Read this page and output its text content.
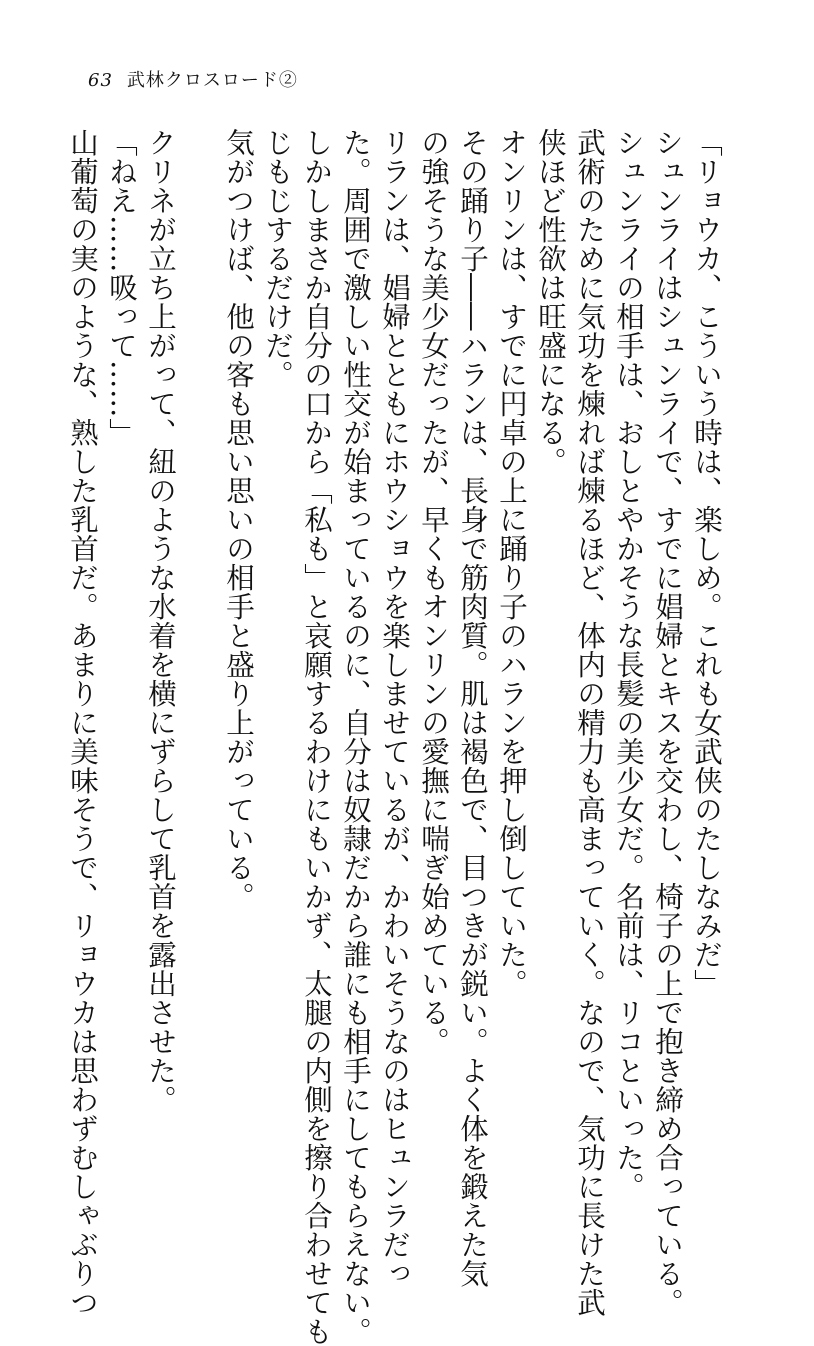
63 武林クロスロード②
「リョウカ、こういう時は、楽しめ。これも女武侠のたしなみだ」
シュンライはシュンライで、すでに娼婦とキスを交わし、椅子の上で抱き締め合っている。
シュンライの相手は、おしとやかそうな長髪の美少女だ。名前は、リコといった。
武術のために気功を煉れば煉るほど、体内の精力も高まっていく。なので、気功に長けた武
侠ほど性欲は旺盛になる。
オンリンは、すでに円卓の上に踊り子のハランを押し倒していた。
その踊り子――ハランは、長身で筋肉質。肌は褐色で、目つきが鋭い。よく体を鍛えた気
の強そうな美少女だったが、早くもオンリンの愛撫に喘ぎ始めている。
リランは、娼婦とともにホウショウを楽しませているが、かわいそうなのはヒュンラだっ
た。周囲で激しい性交が始まっているのに、自分は奴隷だから誰にも相手にしてもらえない。
しかしまさか自分の口から「私も」と哀願するわけにもいかず、太腿の内側を擦り合わせても
じもじするだけだ。
気がつけば、他の客も思い思いの相手と盛り上がっている。

クリネが立ち上がって、紐のような水着を横にずらして乳首を露出させた。
「ねえ……吸って……」
山葡萄の実のような、熟した乳首だ。あまりに美味そうで、リョウカは思わずむしゃぶりつ
